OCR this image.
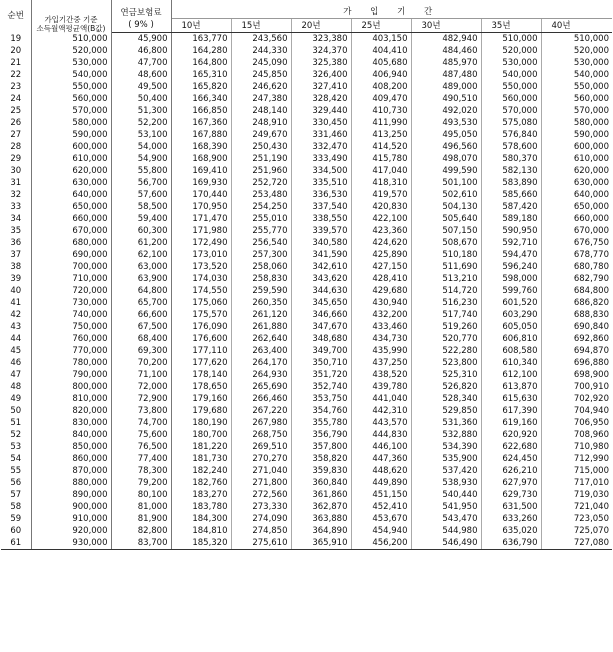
순번	가입기간중 기준
소득월액평균액(B값)	연금보험료	가 입 기 간						
		( 9% )	10년	15년	20년	25년	30년	35년	40년
19	510,000	45,900	163,770	243,560	323,380	403,150	482,940	510,000	510,000
20	520,000	46,800	164,280	244,330	324,370	404,410	484,460	520,000	520,000
21	530,000	47,700	164,800	245,090	325,380	405,680	485,970	530,000	530,000
22	540,000	48,600	165,310	245,850	326,400	406,940	487,480	540,000	540,000
23	550,000	49,500	165,820	246,620	327,410	408,200	489,000	550,000	550,000
24	560,000	50,400	166,340	247,380	328,420	409,470	490,510	560,000	560,000
25	570,000	51,300	166,850	248,140	329,440	410,730	492,020	570,000	570,000
26	580,000	52,200	167,360	248,910	330,450	411,990	493,530	575,080	580,000
27	590,000	53,100	167,880	249,670	331,460	413,250	495,050	576,840	590,000
28	600,000	54,000	168,390	250,430	332,470	414,520	496,560	578,600	600,000
29	610,000	54,900	168,900	251,190	333,490	415,780	498,070	580,370	610,000
30	620,000	55,800	169,410	251,960	334,500	417,040	499,590	582,130	620,000
31	630,000	56,700	169,930	252,720	335,510	418,310	501,100	583,890	630,000
32	640,000	57,600	170,440	253,480	336,530	419,570	502,610	585,660	640,000
33	650,000	58,500	170,950	254,250	337,540	420,830	504,130	587,420	650,000
34	660,000	59,400	171,470	255,010	338,550	422,100	505,640	589,180	660,000
35	670,000	60,300	171,980	255,770	339,570	423,360	507,150	590,950	670,000
36	680,000	61,200	172,490	256,540	340,580	424,620	508,670	592,710	676,750
37	690,000	62,100	173,010	257,300	341,590	425,890	510,180	594,470	678,770
38	700,000	63,000	173,520	258,060	342,610	427,150	511,690	596,240	680,780
39	710,000	63,900	174,030	258,830	343,620	428,410	513,210	598,000	682,790
40	720,000	64,800	174,550	259,590	344,630	429,680	514,720	599,760	684,800
41	730,000	65,700	175,060	260,350	345,650	430,940	516,230	601,520	686,820
42	740,000	66,600	175,570	261,120	346,660	432,200	517,740	603,290	688,830
43	750,000	67,500	176,090	261,880	347,670	433,460	519,260	605,050	690,840
44	760,000	68,400	176,600	262,640	348,680	434,730	520,770	606,810	692,860
45	770,000	69,300	177,110	263,400	349,700	435,990	522,280	608,580	694,870
46	780,000	70,200	177,620	264,170	350,710	437,250	523,800	610,340	696,880
47	790,000	71,100	178,140	264,930	351,720	438,520	525,310	612,100	698,900
48	800,000	72,000	178,650	265,690	352,740	439,780	526,820	613,870	700,910
49	810,000	72,900	179,160	266,460	353,750	441,040	528,340	615,630	702,920
50	820,000	73,800	179,680	267,220	354,760	442,310	529,850	617,390	704,940
51	830,000	74,700	180,190	267,980	355,780	443,570	531,360	619,160	706,950
52	840,000	75,600	180,700	268,750	356,790	444,830	532,880	620,920	708,960
53	850,000	76,500	181,220	269,510	357,800	446,100	534,390	622,680	710,980
54	860,000	77,400	181,730	270,270	358,820	447,360	535,900	624,450	712,990
55	870,000	78,300	182,240	271,040	359,830	448,620	537,420	626,210	715,000
56	880,000	79,200	182,760	271,800	360,840	449,890	538,930	627,970	717,010
57	890,000	80,100	183,270	272,560	361,860	451,150	540,440	629,730	719,030
58	900,000	81,000	183,780	273,330	362,870	452,410	541,950	631,500	721,040
59	910,000	81,900	184,300	274,090	363,880	453,670	543,470	633,260	723,050
60	920,000	82,800	184,810	274,850	364,890	454,940	544,980	635,020	725,070
61	930,000	83,700	185,320	275,610	365,910	456,200	546,490	636,790	727,080
